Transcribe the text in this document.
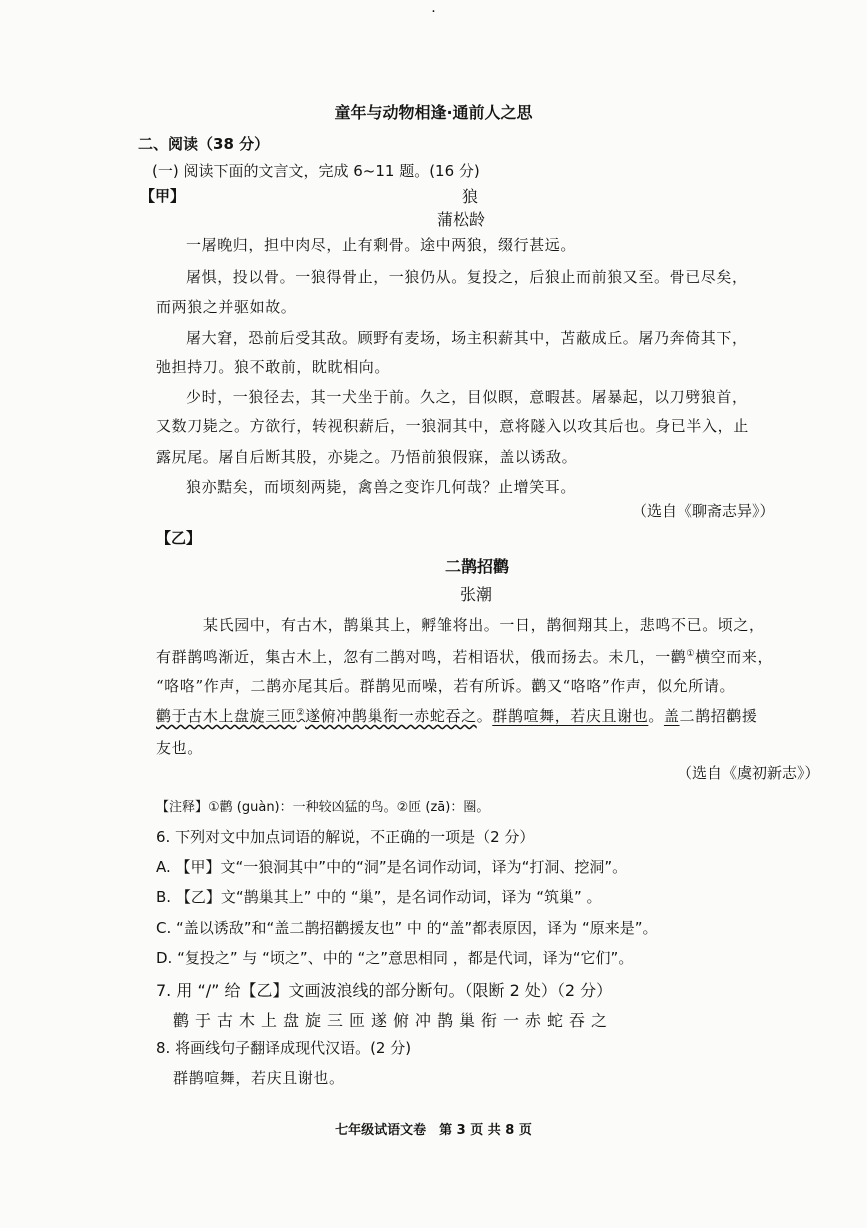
·
童年与动物相逢·通前人之思
二、阅读（38 分）
(一) 阅读下面的文言文，完成 6~11 题。(16 分)
【甲】	狼
蒲松龄
一屠晚归，担中肉尽，止有剩骨。途中两狼，缀行甚远。
屠惧，投以骨。一狼得骨止，一狼仍从。复投之，后狼止而前狼又至。骨已尽矣，
而两狼之并驱如故。
屠大窘，恐前后受其敌。顾野有麦场，场主积薪其中，苫蔽成丘。屠乃奔倚其下，
弛担持刀。狼不敢前，眈眈相向。
少时，一狼径去，其一犬坐于前。久之，目似瞑，意暇甚。屠暴起，以刀劈狼首，
又数刀毙之。方欲行，转视积薪后，一狼洞其中，意将隧入以攻其后也。身已半入，止
露尻尾。屠自后断其股，亦毙之。乃悟前狼假寐，盖以诱敌。
狼亦黠矣，而顷刻两毙，禽兽之变诈几何哉？止增笑耳。
（选自《聊斋志异》）
【乙】
二鹊招鹳
张潮
某氏园中，有古木，鹊巢其上，孵雏将出。一日，鹊徊翔其上，悲鸣不已。顷之，
有群鹊鸣渐近，集古木上，忽有二鹊对鸣，若相语状，俄而扬去。未几，一鹳①横空而来，
“咯咯”作声，二鹊亦尾其后。群鹊见而噪，若有所诉。鹳又“咯咯”作声，似允所请。
鹳于古木上盘旋三匝②遂俯冲鹊巢衔一赤蛇吞之。群鹊喧舞，若庆且谢也。盖二鹊招鹳援
友也。
（选自《虞初新志》）
【注释】①鹳 (guàn)：一种较凶猛的鸟。②匝 (zā)：圈。
6. 下列对文中加点词语的解说，不正确的一项是（2 分）
A. 【甲】文“一狼洞其中”中的“洞”是名词作动词，译为“打洞、挖洞”。
B. 【乙】文“鹊巢其上” 中的 “巢”，是名词作动词，译为 “筑巢” 。
C. “盖以诱敌”和“盖二鹊招鹳援友也” 中 的“盖”都表原因，译为 “原来是”。
D. “复投之” 与 “顷之”、中的 “之”意思相同 ，都是代词，译为“它们”。
7. 用 “/” 给【乙】文画波浪线的部分断句。（限断 2 处）（2 分）
鹳于古木上盘旋三匝遂俯冲鹊巢衔一赤蛇吞之
8. 将画线句子翻译成现代汉语。(2 分)
群鹊喧舞，若庆且谢也。
七年级试语文卷　第 3 页 共 8 页
